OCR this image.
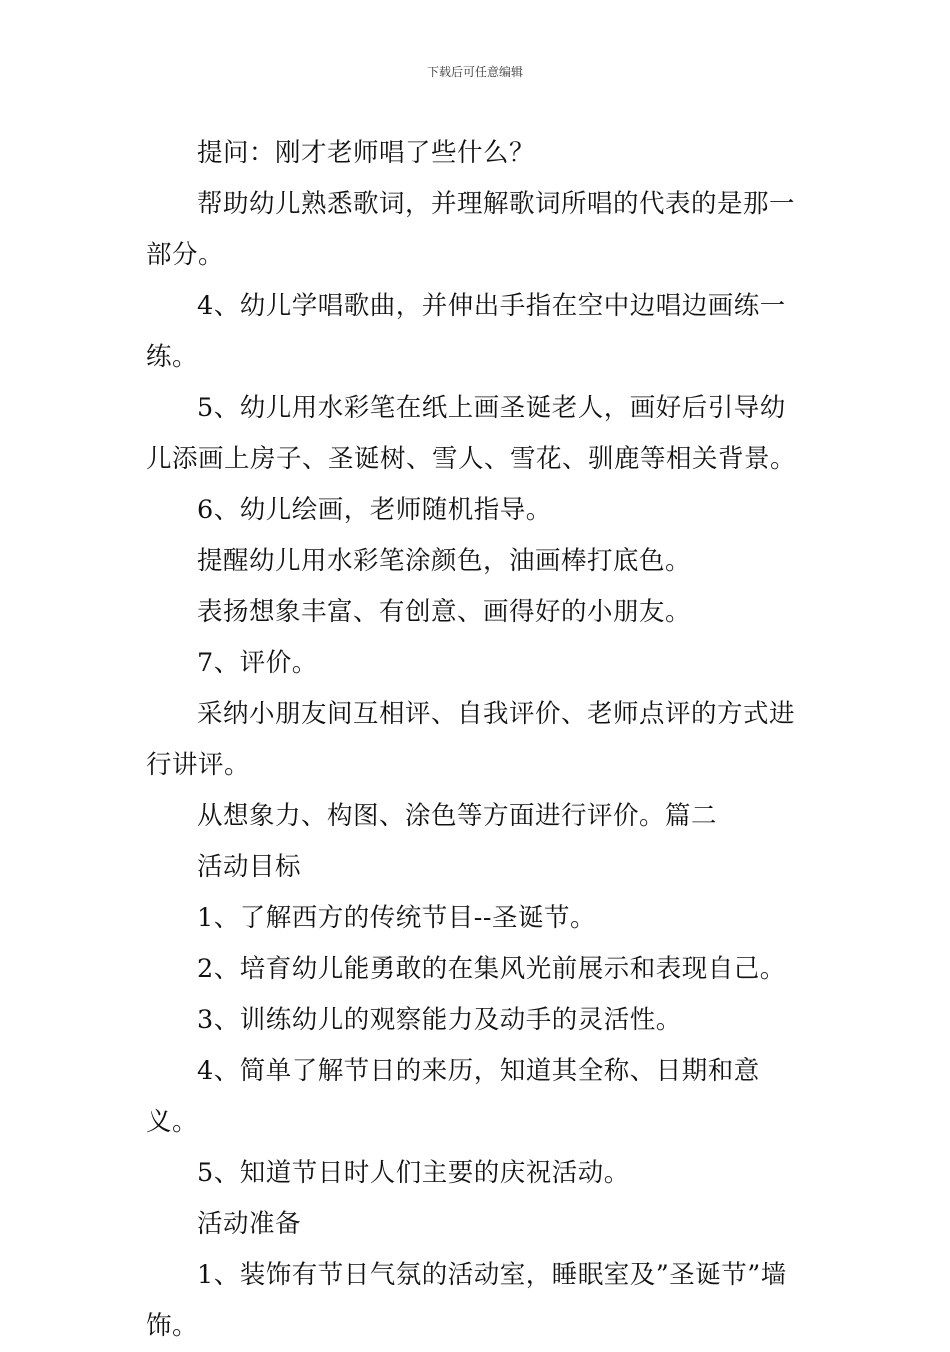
下载后可任意编辑

提问：刚才老师唱了些什么？

帮助幼儿熟悉歌词，并理解歌词所唱的代表的是那一部分。

4、幼儿学唱歌曲，并伸出手指在空中边唱边画练一练。

5、幼儿用水彩笔在纸上画圣诞老人，画好后引导幼儿添画上房子、圣诞树、雪人、雪花、驯鹿等相关背景。

6、幼儿绘画，老师随机指导。

提醒幼儿用水彩笔涂颜色，油画棒打底色。

表扬想象丰富、有创意、画得好的小朋友。

7、评价。

采纳小朋友间互相评、自我评价、老师点评的方式进行讲评。

从想象力、构图、涂色等方面进行评价。篇二

活动目标

1、了解西方的传统节目--圣诞节。

2、培育幼儿能勇敢的在集风光前展示和表现自己。

3、训练幼儿的观察能力及动手的灵活性。

4、简单了解节日的来历，知道其全称、日期和意义。

5、知道节日时人们主要的庆祝活动。

活动准备

1、装饰有节日气氛的活动室，睡眠室及”圣诞节”墙饰。
